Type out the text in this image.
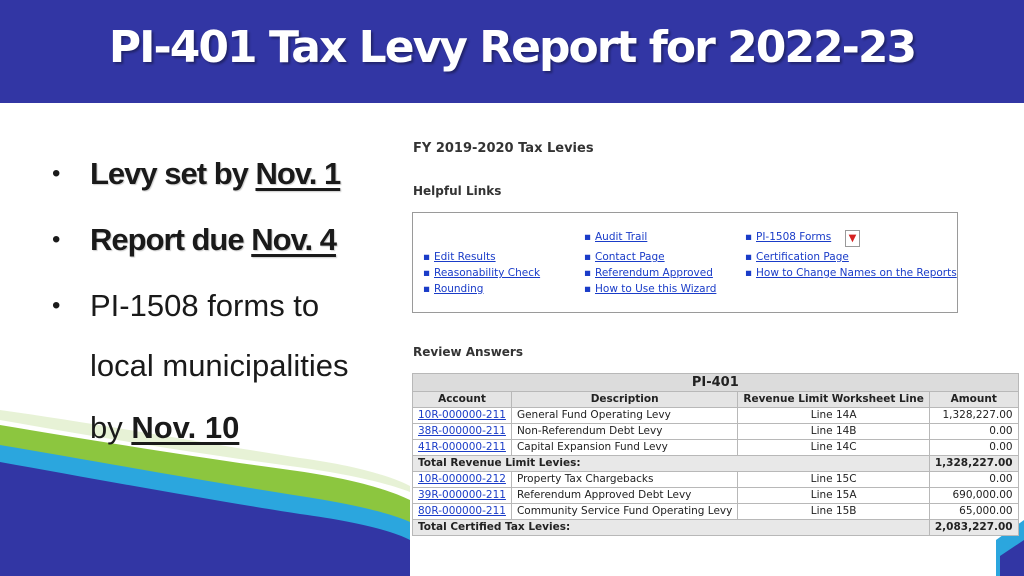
PI-401 Tax Levy Report for 2022-23
• Levy set by Nov. 1
• Report due Nov. 4
• PI-1508 forms to
local municipalities
by Nov. 10
FY 2019-2020 Tax Levies
Helpful Links
▪ Edit Results
▪ Reasonability Check
▪ Rounding
▪ Audit Trail
▪ Contact Page
▪ Referendum Approved
▪ How to Use this Wizard
▪ PI-1508 Forms	▼
▪ Certification Page
▪ How to Change Names on the Reports
Review Answers
PI-401			
Account	Description	Revenue Limit Worksheet Line	Amount
10R-000000-211	General Fund Operating Levy	Line 14A	1,328,227.00
38R-000000-211	Non-Referendum Debt Levy	Line 14B	0.00
41R-000000-211	Capital Expansion Fund Levy	Line 14C	0.00
Total Revenue Limit Levies:			1,328,227.00
10R-000000-212	Property Tax Chargebacks	Line 15C	0.00
39R-000000-211	Referendum Approved Debt Levy	Line 15A	690,000.00
80R-000000-211	Community Service Fund Operating Levy	Line 15B	65,000.00
Total Certified Tax Levies:			2,083,227.00
